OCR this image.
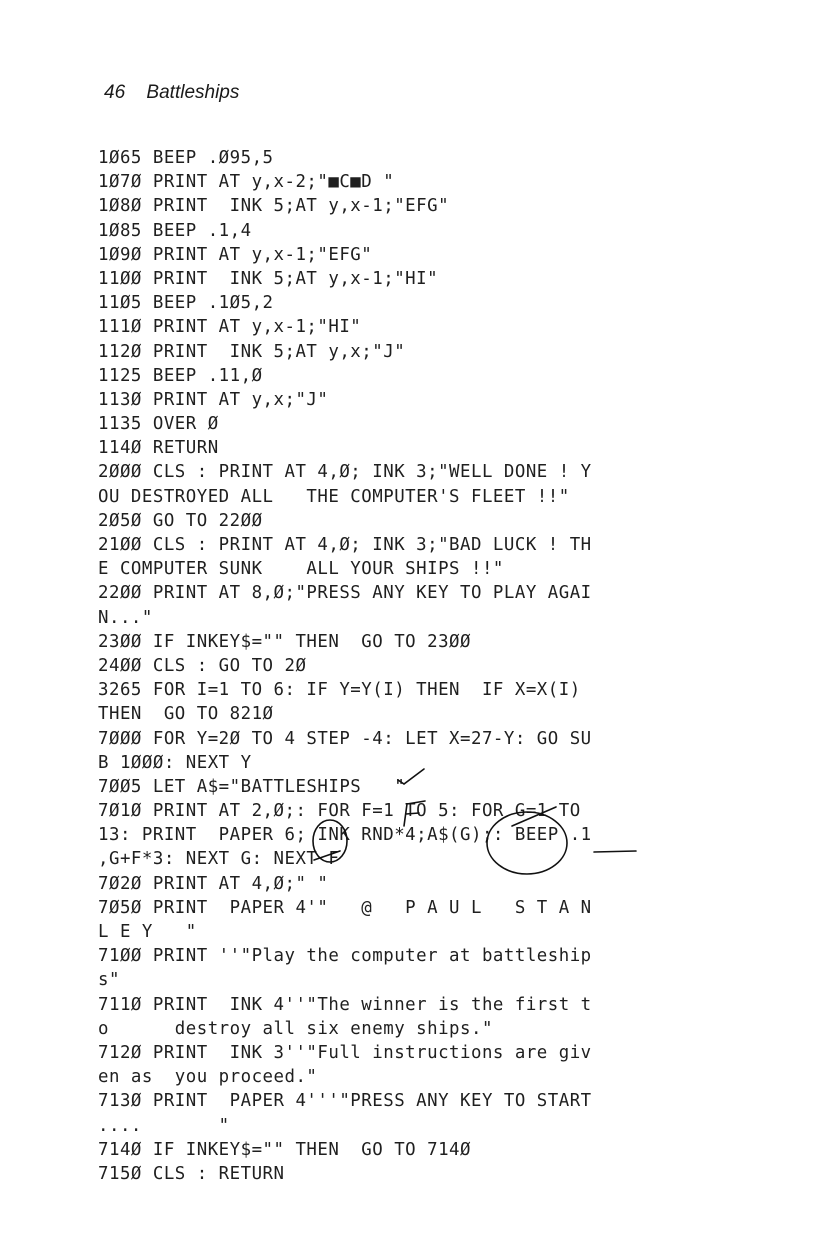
46 Battleships
1Ø65 BEEP .Ø95,5
1Ø7Ø PRINT AT y,x-2;"■C■D "
1Ø8Ø PRINT  INK 5;AT y,x-1;"EFG"
1Ø85 BEEP .1,4
1Ø9Ø PRINT AT y,x-1;"EFG"
11ØØ PRINT  INK 5;AT y,x-1;"HI"
11Ø5 BEEP .1Ø5,2
111Ø PRINT AT y,x-1;"HI"
112Ø PRINT  INK 5;AT y,x;"J"
1125 BEEP .11,Ø
113Ø PRINT AT y,x;"J"
1135 OVER Ø
114Ø RETURN
2ØØØ CLS : PRINT AT 4,Ø; INK 3;"WELL DONE ! Y
OU DESTROYED ALL   THE COMPUTER'S FLEET !!"
2Ø5Ø GO TO 22ØØ
21ØØ CLS : PRINT AT 4,Ø; INK 3;"BAD LUCK ! TH
E COMPUTER SUNK    ALL YOUR SHIPS !!"
22ØØ PRINT AT 8,Ø;"PRESS ANY KEY TO PLAY AGAI
N..."
23ØØ IF INKEY$="" THEN  GO TO 23ØØ
24ØØ CLS : GO TO 2Ø
3265 FOR I=1 TO 6: IF Y=Y(I) THEN  IF X=X(I)
THEN  GO TO 821Ø
7ØØØ FOR Y=2Ø TO 4 STEP -4: LET X=27-Y: GO SU
B 1ØØØ: NEXT Y
7ØØ5 LET A$="BATTLESHIPS   "
7Ø1Ø PRINT AT 2,Ø;: FOR F=1 TO 5: FOR G=1 TO
13: PRINT  PAPER 6; INK RND*4;A$(G);: BEEP .1
,G+F*3: NEXT G: NEXT F
7Ø2Ø PRINT AT 4,Ø;" "
7Ø5Ø PRINT  PAPER 4'"   @   P A U L   S T A N
L E Y   "
71ØØ PRINT ''"Play the computer at battleship
s"
711Ø PRINT  INK 4''"The winner is the first t
o      destroy all six enemy ships."
712Ø PRINT  INK 3''"Full instructions are giv
en as  you proceed."
713Ø PRINT  PAPER 4'''"PRESS ANY KEY TO START
....       "
714Ø IF INKEY$="" THEN  GO TO 714Ø
715Ø CLS : RETURN
